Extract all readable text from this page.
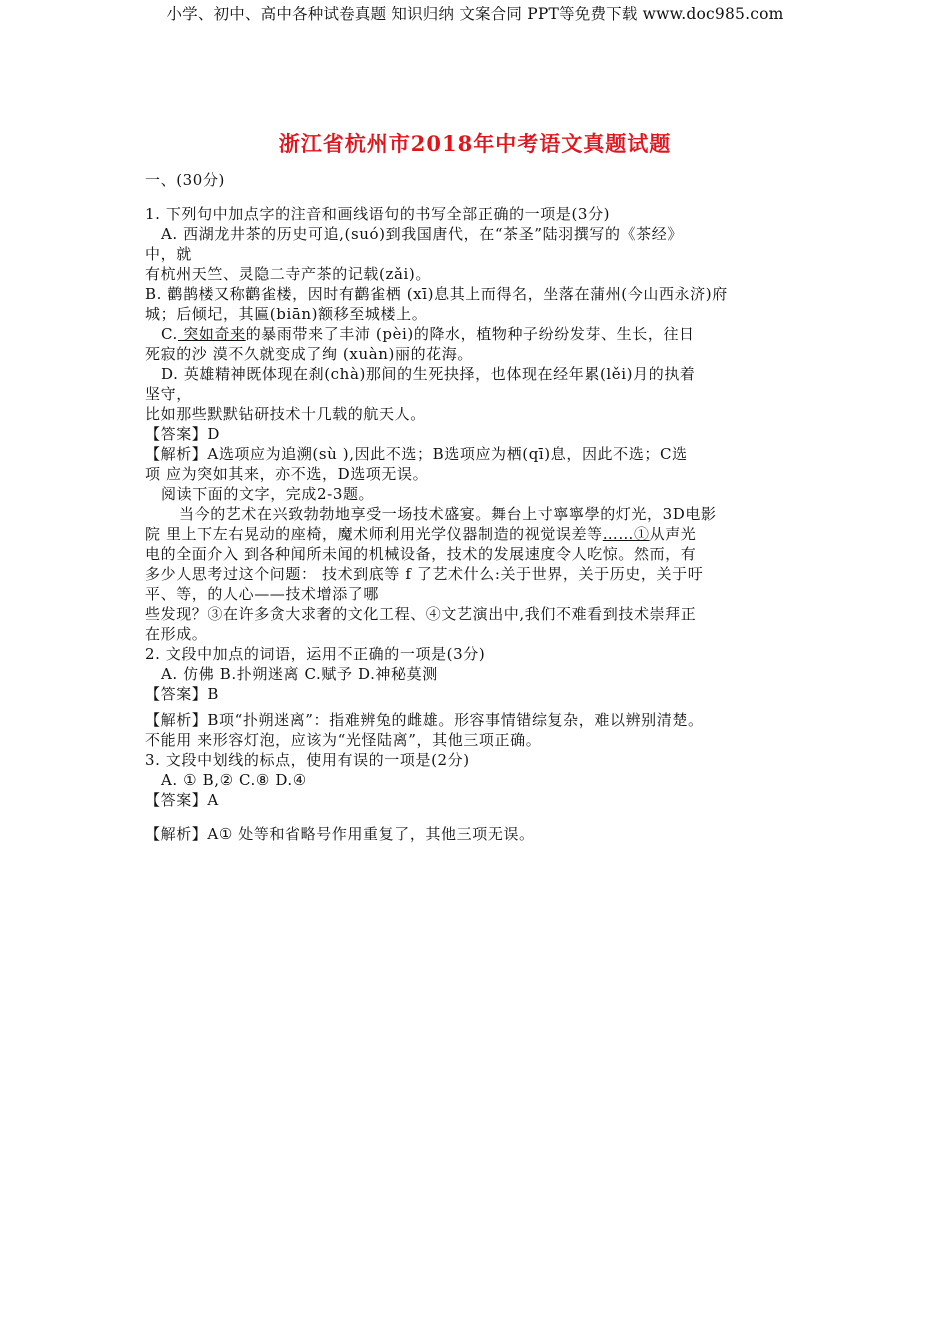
小学、初中、高中各种试卷真题 知识归纳 文案合同 PPT等免费下载 www.doc985.com
浙江省杭州市2018年中考语文真题试题
一、(30分)
1. 下列句中加点字的注音和画线语句的书写全部正确的一项是(3分)
A. 西湖龙井茶的历史可追,(suó)到我国唐代，在“茶圣”陆羽撰写的《茶经》
中，就
有杭州天竺、灵隐二寺产茶的记载(zǎi)。
B. 鹳鹊楼又称鹳雀楼，因时有鹳雀栖 (xī)息其上而得名，坐落在蒲州(今山西永济)府
城；后倾圮，其匾(biān)额移至城楼上。
C. 突如奇来的暴雨带来了丰沛 (pèi)的降水，植物种子纷纷发芽、生长，往日
死寂的沙 漠不久就变成了绚 (xuàn)丽的花海。
D. 英雄精神既体现在刹(chà)那间的生死抉择，也体现在经年累(lěi)月的执着
坚守，
比如那些默默钻研技术十几载的航天人。
【答案】D
【解析】A选项应为追溯(sù ),因此不选；B选项应为栖(qī)息，因此不选；C选
项 应为突如其来，亦不选，D选项无误。
阅读下面的文字，完成2-3题。
当今的艺术在兴致勃勃地享受一场技术盛宴。舞台上寸寧寧學的灯光，3D电影
院 里上下左右晃动的座椅，魔术师利用光学仪器制造的视觉误差等……①从声光
电的全面介入 到各种闻所未闻的机械设备，技术的发展速度令人吃惊。然而，有
多少人思考过这个问题： 技术到底等 f 了艺术什么:关于世界，关于历史，关于吁
平、等，的人心——技术增添了哪
些发现？③在许多贪大求奢的文化工程、④文艺演出中,我们不难看到技术崇拜正
在形成。
2. 文段中加点的词语，运用不正确的一项是(3分)
A. 仿佛 B.扑朔迷离 C.赋予 D.神秘莫测
【答案】B
【解析】B项“扑朔迷离”：指难辨兔的雌雄。形容事情错综复杂，难以辨别清楚。
不能用 来形容灯泡，应该为“光怪陆离”，其他三项正确。
3. 文段中划线的标点，使用有误的一项是(2分)
A. ① B,② C.⑧ D.④
【答案】A
【解析】A① 处等和省略号作用重复了，其他三项无误。
